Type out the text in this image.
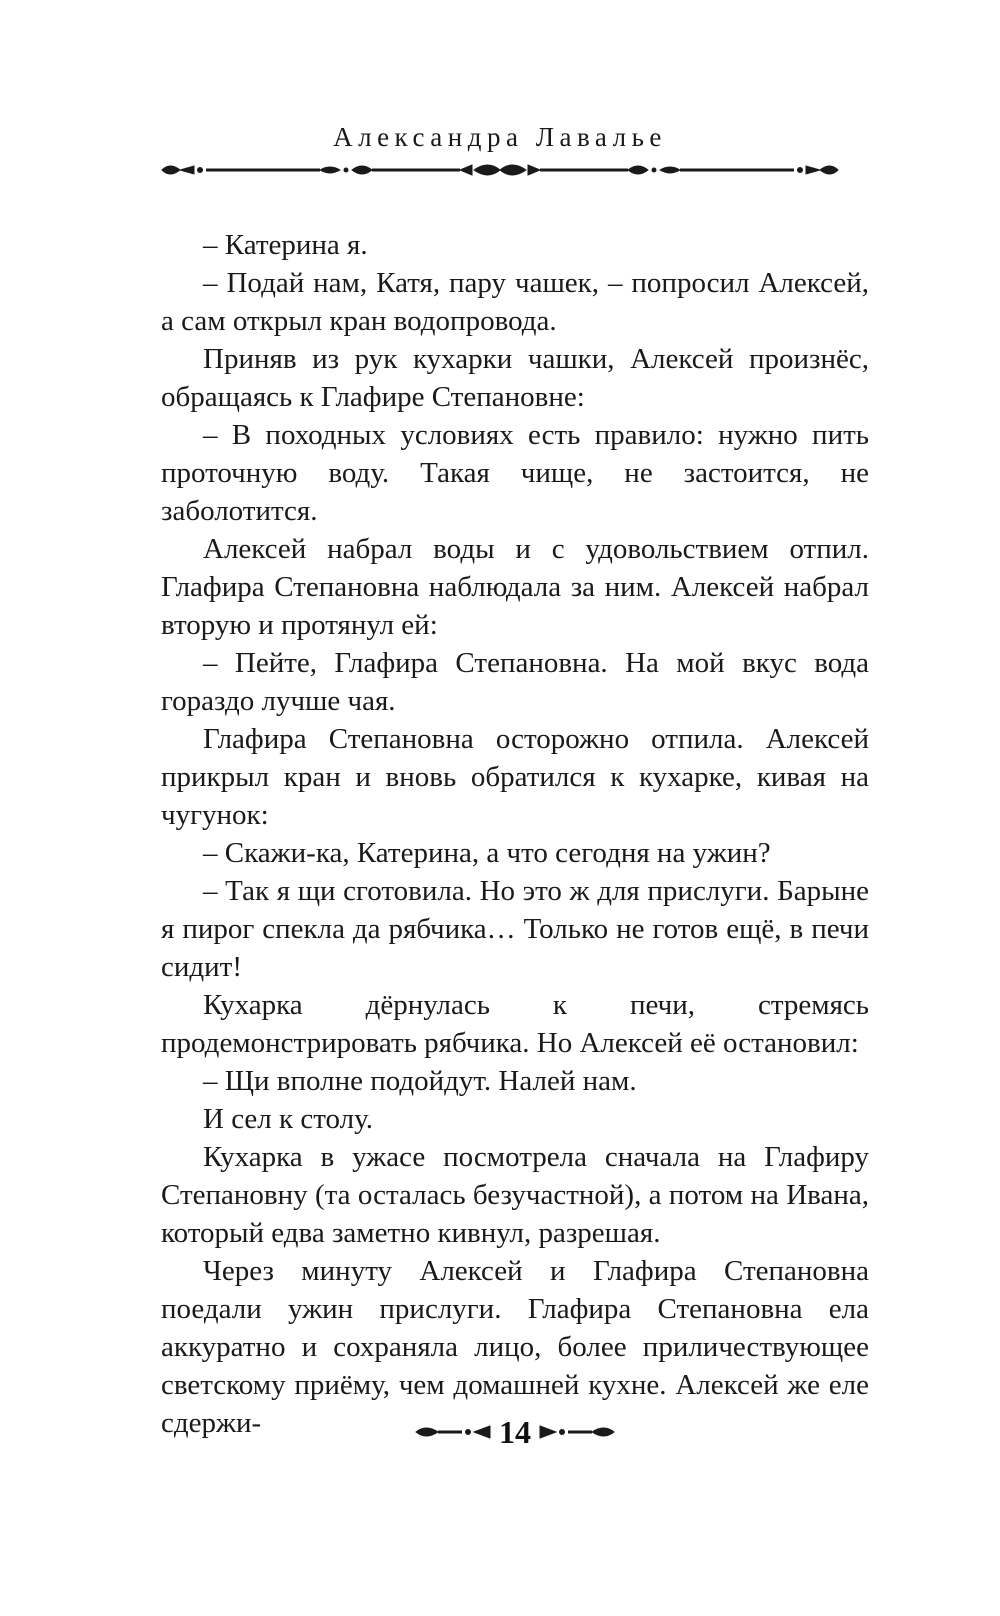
Александра Лавалье

– Катерина я.

– Подай нам, Катя, пару чашек, – попросил Алексей, а сам открыл кран водопровода.

Приняв из рук кухарки чашки, Алексей произнёс, обращаясь к Глафире Степановне:

– В походных условиях есть правило: нужно пить проточную воду. Такая чище, не застоится, не заболотится.

Алексей набрал воды и с удовольствием отпил. Глафира Степановна наблюдала за ним. Алексей набрал вторую и протянул ей:

– Пейте, Глафира Степановна. На мой вкус вода гораздо лучше чая.

Глафира Степановна осторожно отпила. Алексей прикрыл кран и вновь обратился к кухарке, кивая на чугунок:

– Скажи-ка, Катерина, а что сегодня на ужин?

– Так я щи сготовила. Но это ж для прислуги. Барыне я пирог спекла да рябчика… Только не готов ещё, в печи сидит!

Кухарка дёрнулась к печи, стремясь продемонстрировать рябчика. Но Алексей её остановил:

– Щи вполне подойдут. Налей нам.

И сел к столу.

Кухарка в ужасе посмотрела сначала на Глафиру Степановну (та осталась безучастной), а потом на Ивана, который едва заметно кивнул, разрешая.

Через минуту Алексей и Глафира Степановна поедали ужин прислуги. Глафира Степановна ела аккуратно и сохраняла лицо, более приличествующее светскому приёму, чем домашней кухне. Алексей же еле сдержи-	14
